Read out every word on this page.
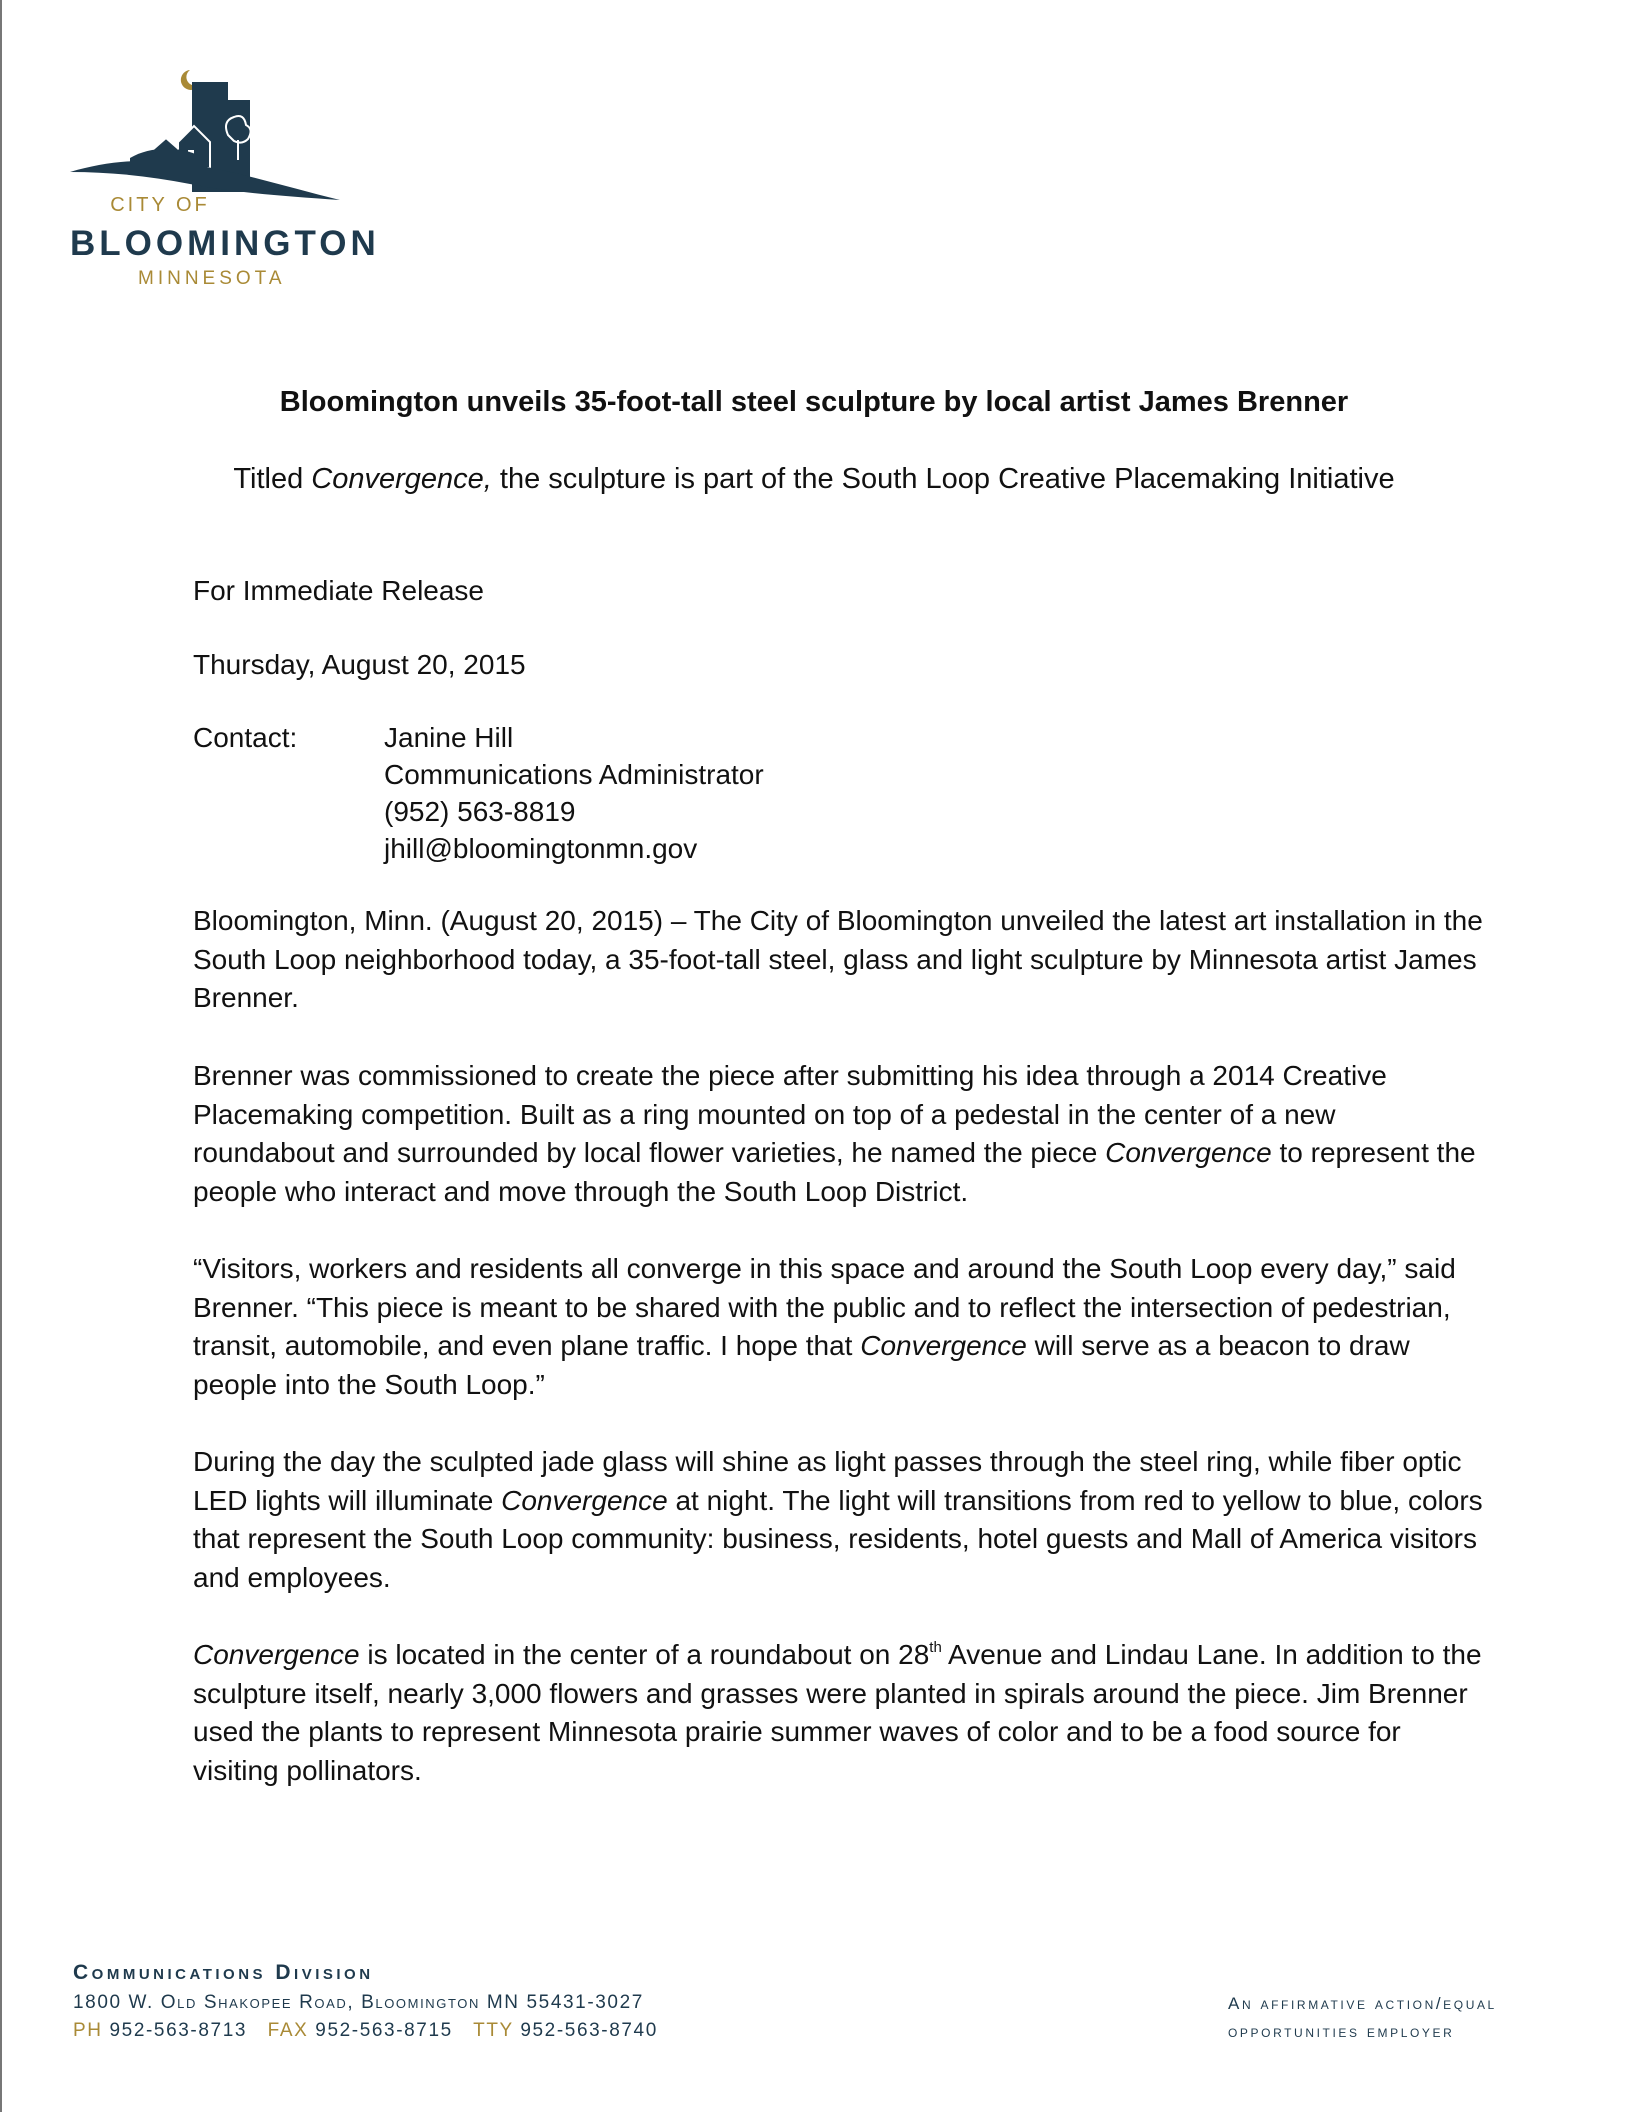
CITY OF
BLOOMINGTON
MINNESOTA
Bloomington unveils 35-foot-tall steel sculpture by local artist James Brenner
Titled Convergence, the sculpture is part of the South Loop Creative Placemaking Initiative

For Immediate Release

Thursday, August 20, 2015

Contact:	Janine Hill
Communications Administrator
(952) 563-8819
jhill@bloomingtonmn.gov

Bloomington, Minn. (August 20, 2015) – The City of Bloomington unveiled the latest art installation in the South Loop neighborhood today, a 35-foot-tall steel, glass and light sculpture by Minnesota artist James Brenner.

Brenner was commissioned to create the piece after submitting his idea through a 2014 Creative Placemaking competition. Built as a ring mounted on top of a pedestal in the center of a new roundabout and surrounded by local flower varieties, he named the piece Convergence to represent the people who interact and move through the South Loop District.

“Visitors, workers and residents all converge in this space and around the South Loop every day,” said Brenner. “This piece is meant to be shared with the public and to reflect the intersection of pedestrian, transit, automobile, and even plane traffic. I hope that Convergence will serve as a beacon to draw people into the South Loop.”

During the day the sculpted jade glass will shine as light passes through the steel ring, while fiber optic LED lights will illuminate Convergence at night. The light will transitions from red to yellow to blue, colors that represent the South Loop community: business, residents, hotel guests and Mall of America visitors and employees.

Convergence is located in the center of a roundabout on 28th Avenue and Lindau Lane. In addition to the sculpture itself, nearly 3,000 flowers and grasses were planted in spirals around the piece. Jim Brenner used the plants to represent Minnesota prairie summer waves of color and to be a food source for visiting pollinators.

Communications Division
1800 W. Old Shakopee Road, Bloomington MN 55431-3027
PH 952-563-8713 FAX 952-563-8715 TTY 952-563-8740
An affirmative action/equal
opportunities employer
